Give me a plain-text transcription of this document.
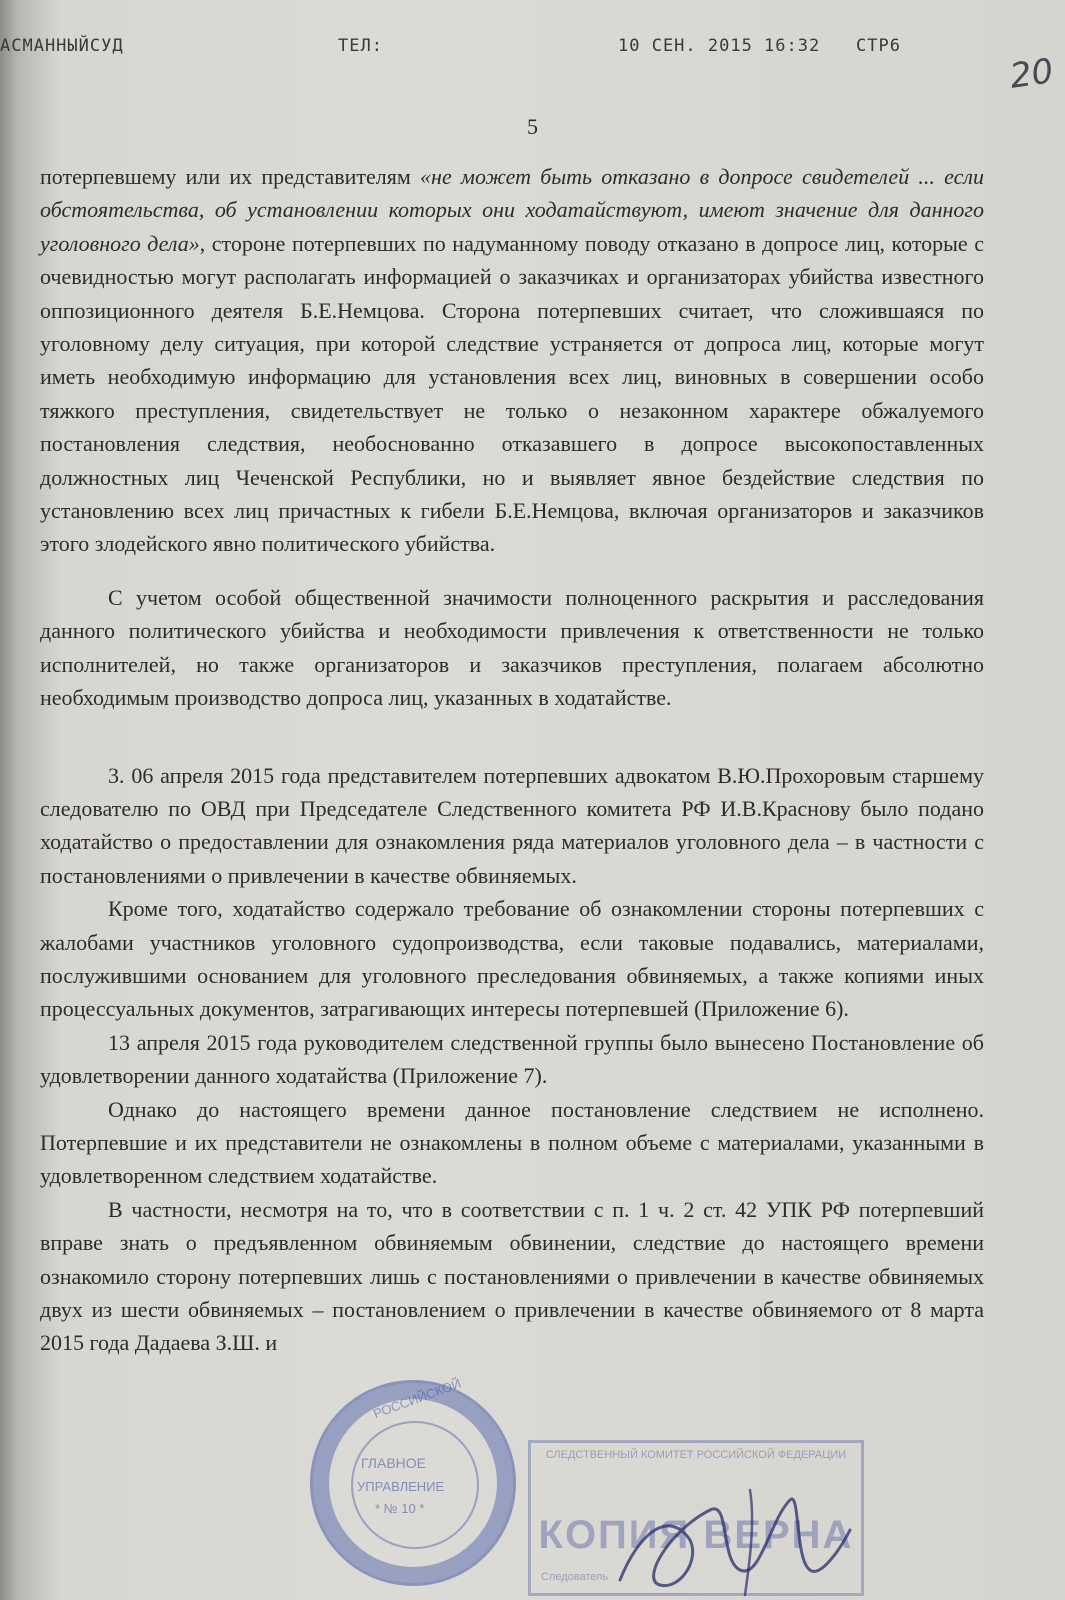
АСМАННЫЙСУД	ТЕЛ:	10 СЕН. 2015 16:32 СТР6
20
5

потерпевшему или их представителям «не может быть отказано в допросе свидетелей ... если обстоятельства, об установлении которых они ходатайствуют, имеют значение для данного уголовного дела», стороне потерпевших по надуманному поводу отказано в допросе лиц, которые с очевидностью могут располагать информацией о заказчиках и организаторах убийства известного оппозиционного деятеля Б.Е.Немцова. Сторона потерпевших считает, что сложившаяся по уголовному делу ситуация, при которой следствие устраняется от допроса лиц, которые могут иметь необходимую информацию для установления всех лиц, виновных в совершении особо тяжкого преступления, свидетельствует не только о незаконном характере обжалуемого постановления следствия, необоснованно отказавшего в допросе высокопоставленных должностных лиц Чеченской Республики, но и выявляет явное бездействие следствия по установлению всех лиц причастных к гибели Б.Е.Немцова, включая организаторов и заказчиков этого злодейского явно политического убийства.

С учетом особой общественной значимости полноценного раскрытия и расследования данного политического убийства и необходимости привлечения к ответственности не только исполнителей, но также организаторов и заказчиков преступления, полагаем абсолютно необходимым производство допроса лиц, указанных в ходатайстве.

3. 06 апреля 2015 года представителем потерпевших адвокатом В.Ю.Прохоровым старшему следователю по ОВД при Председателе Следственного комитета РФ И.В.Краснову было подано ходатайство о предоставлении для ознакомления ряда материалов уголовного дела – в частности с постановлениями о привлечении в качестве обвиняемых.

Кроме того, ходатайство содержало требование об ознакомлении стороны потерпевших с жалобами участников уголовного судопроизводства, если таковые подавались, материалами, послужившими основанием для уголовного преследования обвиняемых, а также копиями иных процессуальных документов, затрагивающих интересы потерпевшей (Приложение 6).

13 апреля 2015 года руководителем следственной группы было вынесено Постановление об удовлетворении данного ходатайства (Приложение 7).

Однако до настоящего времени данное постановление следствием не исполнено. Потерпевшие и их представители не ознакомлены в полном объеме с материалами, указанными в удовлетворенном следствием ходатайстве.

В частности, несмотря на то, что в соответствии с п. 1 ч. 2 ст. 42 УПК РФ потерпевший вправе знать о предъявленном обвиняемым обвинении, следствие до настоящего времени ознакомило сторону потерпевших лишь с постановлениями о привлечении в качестве обвиняемых двух из шести обвиняемых – постановлением о привлечении в качестве обвиняемого от 8 марта 2015 года Дадаева З.Ш. и

РОССИЙСКОЙ
ГЛАВНОЕ
УПРАВЛЕНИЕ
* № 10 *
СЛЕДСТВЕННЫЙ КОМИТЕТ РОССИЙСКОЙ ФЕДЕРАЦИИ
КОПИЯ ВЕРНА
Следователь
